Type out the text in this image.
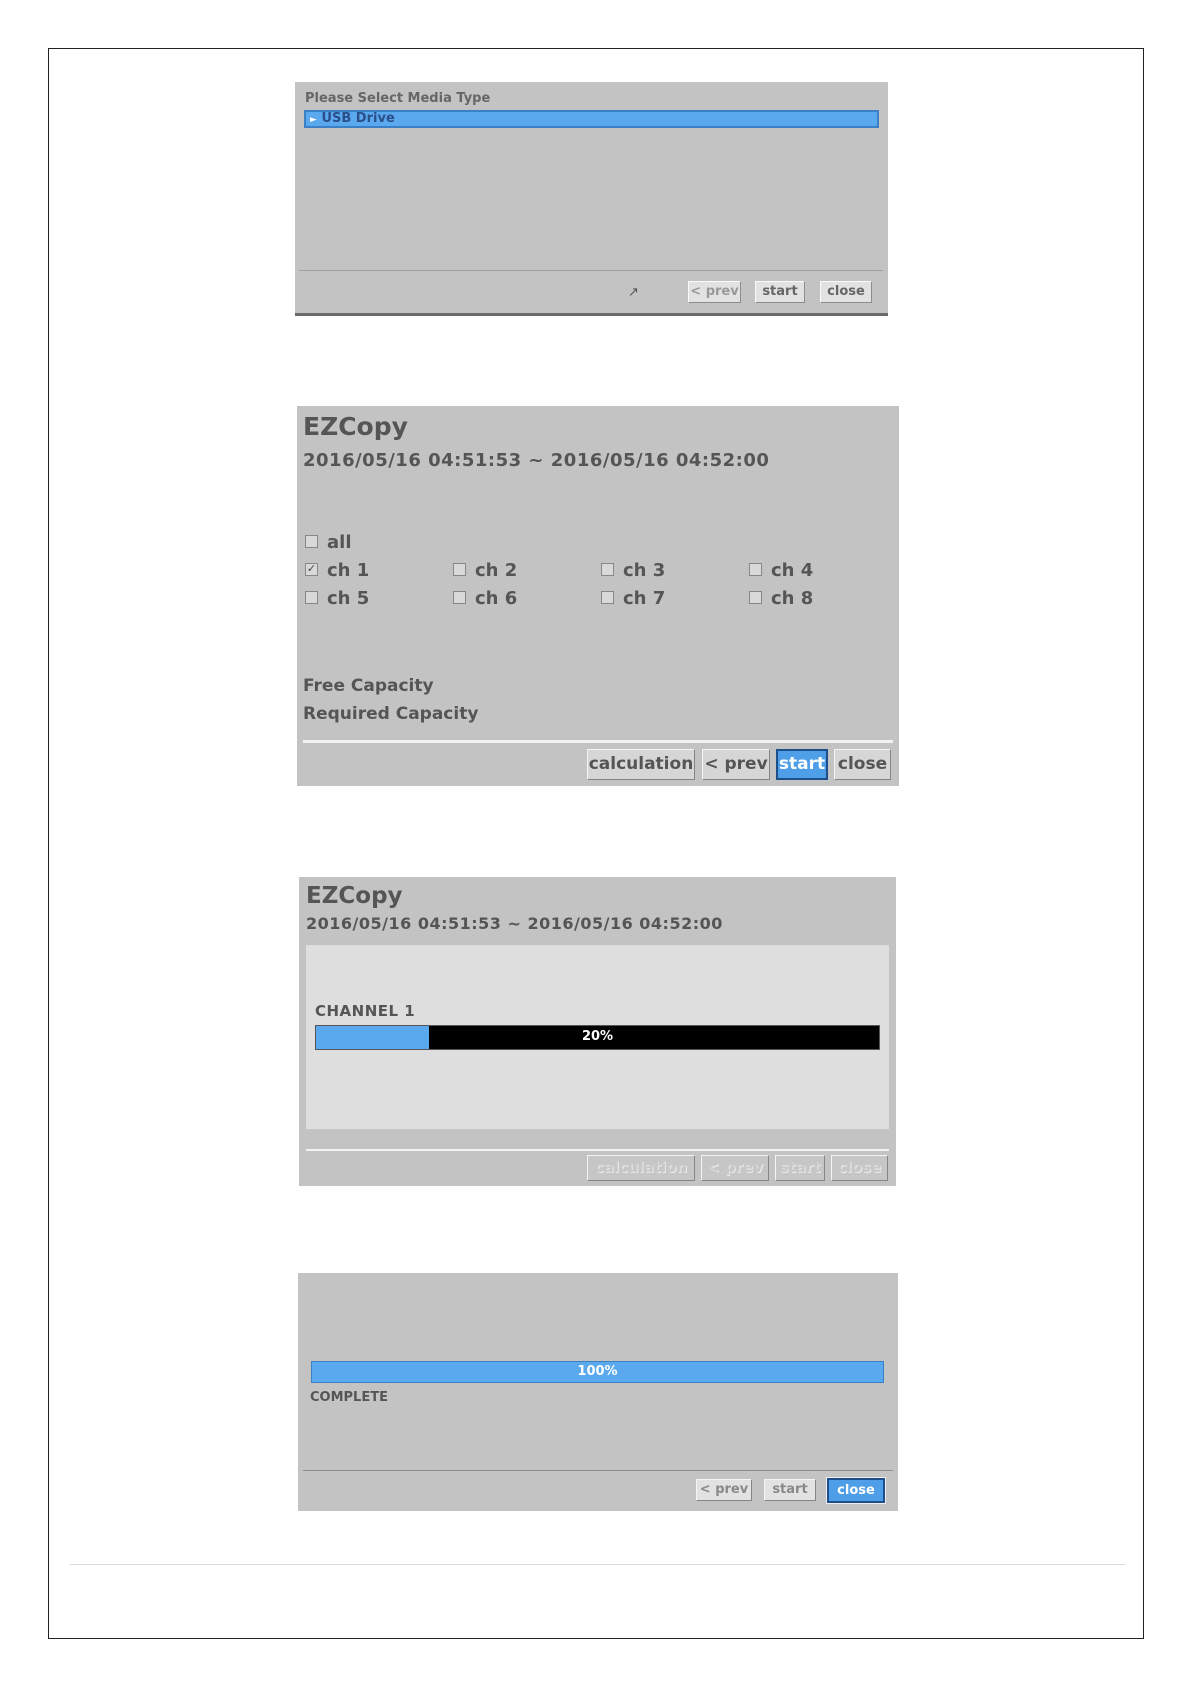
Please Select Media Type
► USB Drive
↗	< prev	start	close
EZCopy
2016/05/16 04:51:53 ~ 2016/05/16 04:52:00
all
✓ ch 1	ch 2	ch 3	ch 4
ch 5	ch 6	ch 7	ch 8
Free Capacity
Required Capacity
calculation < prev start close
EZCopy
2016/05/16 04:51:53 ~ 2016/05/16 04:52:00
CHANNEL 1
20%
calculation	< prev	start	close
100%
COMPLETE
< prev	start	close
